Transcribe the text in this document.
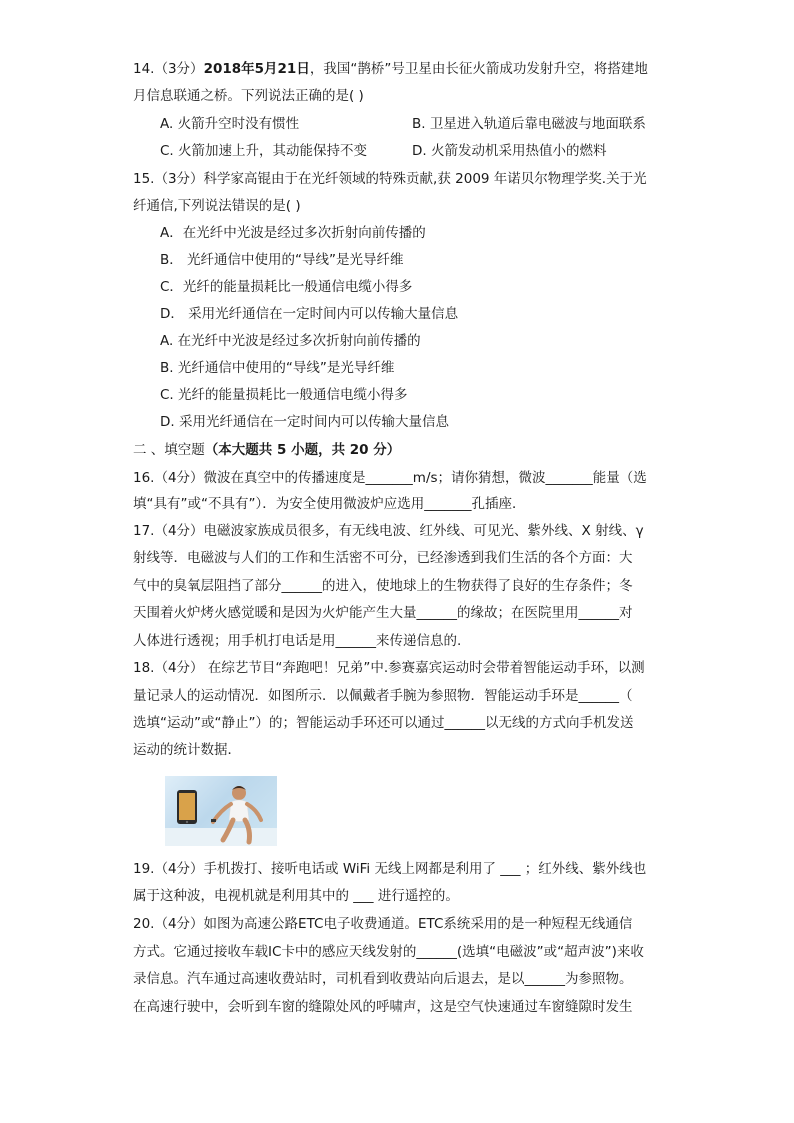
14.（3分）2018年5月21日，我国“鹊桥”号卫星由长征火箭成功发射升空，将搭建地
月信息联通之桥。下列说法正确的是( )
A. 火箭升空时没有惯性	B. 卫星进入轨道后靠电磁波与地面联系
C. 火箭加速上升，其动能保持不变	D. 火箭发动机采用热值小的燃料
15.（3分）科学家高锟由于在光纤领域的特殊贡献,获 2009 年诺贝尔物理学奖.关于光
纤通信,下列说法错误的是( )
A．在光纤中光波是经过多次折射向前传播的
B． 光纤通信中使用的“导线”是光导纤维
C．光纤的能量损耗比一般通信电缆小得多
D． 采用光纤通信在一定时间内可以传输大量信息
A. 在光纤中光波是经过多次折射向前传播的
B. 光纤通信中使用的“导线”是光导纤维
C. 光纤的能量损耗比一般通信电缆小得多
D. 采用光纤通信在一定时间内可以传输大量信息
二 、填空题（本大题共 5 小题，共 20 分）
16.（4分）微波在真空中的传播速度是_______m/s；请你猜想，微波_______能量（选
填“具有”或“不具有”）．为安全使用微波炉应选用_______孔插座．
17.（4分）电磁波家族成员很多，有无线电波、红外线、可见光、紫外线、X 射线、γ
射线等．电磁波与人们的工作和生活密不可分，已经渗透到我们生活的各个方面：大
气中的臭氧层阻挡了部分______的进入，使地球上的生物获得了良好的生存条件；冬
天围着火炉烤火感觉暖和是因为火炉能产生大量______的缘故；在医院里用______对
人体进行透视；用手机打电话是用______来传递信息的.
18.（4分） 在综艺节目“奔跑吧！兄弟”中.参赛嘉宾运动时会带着智能运动手环，以测
量记录人的运动情况．如图所示．以佩戴者手腕为参照物．智能运动手环是______（
选填“运动”或“静止”）的；智能运动手环还可以通过______以无线的方式向手机发送
运动的统计数据．
19.（4分）手机拨打、接听电话或 WiFi 无线上网都是利用了 ___ ；红外线、紫外线也
属于这种波，电视机就是利用其中的 ___ 进行遥控的。
20.（4分）如图为高速公路ETC电子收费通道。ETC系统采用的是一种短程无线通信
方式。它通过接收车载IC卡中的感应天线发射的______(选填“电磁波”或“超声波”)来收
录信息。汽车通过高速收费站时，司机看到收费站向后退去，是以______为参照物。
在高速行驶中，会听到车窗的缝隙处风的呼啸声，这是空气快速通过车窗缝隙时发生
